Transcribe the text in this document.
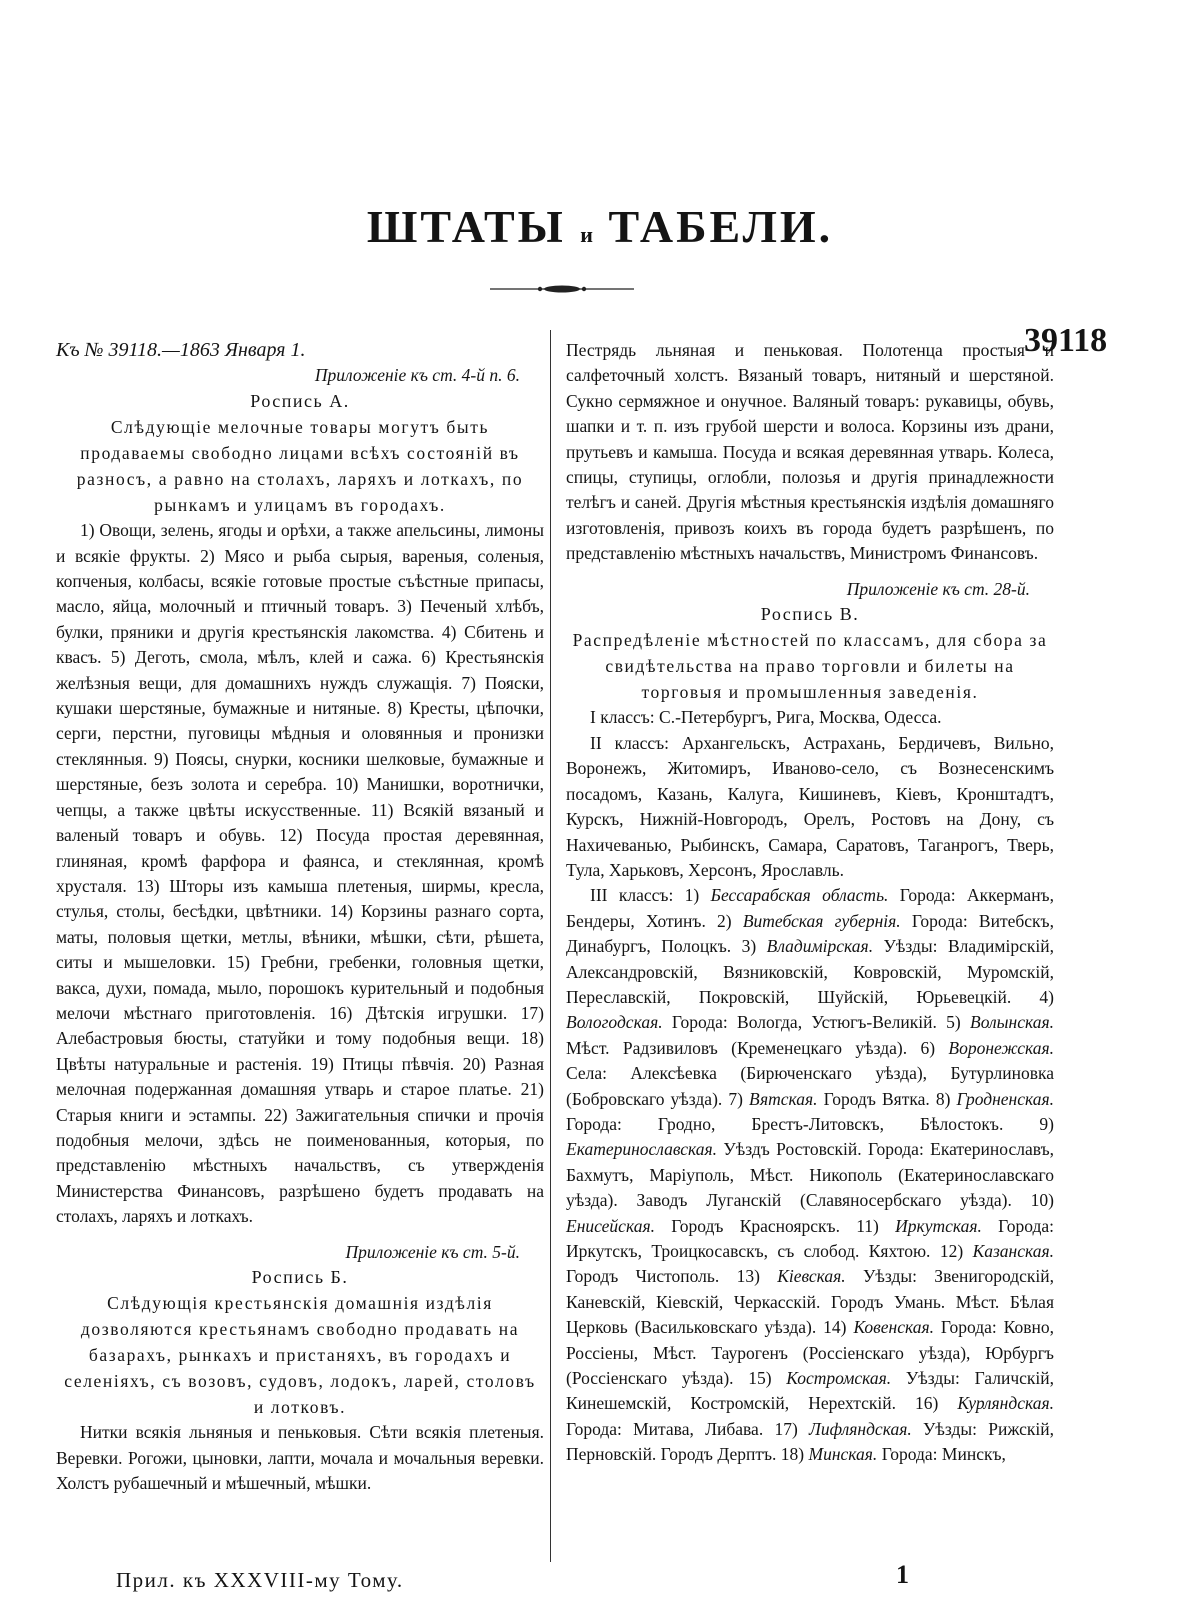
ШТАТЫ и ТАБЕЛИ.
39118

Къ № 39118.—1863 Января 1.

Приложеніе къ ст. 4-й п. 6.

Роспись А.

Слѣдующіе мелочные товары могутъ быть продаваемы свободно лицами всѣхъ состояній въ разносъ, а равно на столахъ, ларяхъ и лоткахъ, по рынкамъ и улицамъ въ городахъ.

1) Овощи, зелень, ягоды и орѣхи, а также апельсины, лимоны и всякіе фрукты. 2) Мясо и рыба сырыя, вареныя, соленыя, копченыя, колбасы, всякіе готовые простые съѣстные припасы, масло, яйца, молочный и птичный товаръ. 3) Печеный хлѣбъ, булки, пряники и другія крестьянскія лакомства. 4) Сбитень и квасъ. 5) Деготь, смола, мѣлъ, клей и сажа. 6) Крестьянскія желѣзныя вещи, для домашнихъ нуждъ служащія. 7) Пояски, кушаки шерстяные, бумажные и нитяные. 8) Кресты, цѣпочки, серги, перстни, пуговицы мѣдныя и оловянныя и пронизки стеклянныя. 9) Поясы, снурки, косники шелковые, бумажные и шерстяные, безъ золота и серебра. 10) Манишки, воротнички, чепцы, а также цвѣты искусственные. 11) Всякій вязаный и валеный товаръ и обувь. 12) Посуда простая деревянная, глиняная, кромѣ фарфора и фаянса, и стеклянная, кромѣ хрусталя. 13) Шторы изъ камыша плетеныя, ширмы, кресла, стулья, столы, бесѣдки, цвѣтники. 14) Корзины разнаго сорта, маты, половыя щетки, метлы, вѣники, мѣшки, сѣти, рѣшета, ситы и мышеловки. 15) Гребни, гребенки, головныя щетки, вакса, духи, помада, мыло, порошокъ курительный и подобныя мелочи мѣстнаго приготовленія. 16) Дѣтскія игрушки. 17) Алебастровыя бюсты, статуйки и тому подобныя вещи. 18) Цвѣты натуральные и растенія. 19) Птицы пѣвчія. 20) Разная мелочная подержанная домашняя утварь и старое платье. 21) Старыя книги и эстампы. 22) Зажигательныя спички и прочія подобныя мелочи, здѣсь не поименованныя, которыя, по представленію мѣстныхъ начальствъ, съ утвержденія Министерства Финансовъ, разрѣшено будетъ продавать на столахъ, ларяхъ и лоткахъ.

Приложеніе къ ст. 5-й.

Роспись Б.

Слѣдующія крестьянскія домашнія издѣлія дозволяются крестьянамъ свободно продавать на базарахъ, рынкахъ и пристаняхъ, въ городахъ и селеніяхъ, съ возовъ, судовъ, лодокъ, ларей, столовъ и лотковъ.

Нитки всякія льняныя и пеньковыя. Сѣти всякія плетеныя. Веревки. Рогожи, цыновки, лапти, мочала и мочальныя веревки. Холстъ рубашечный и мѣшечный, мѣшки.

Пестрядь льняная и пеньковая. Полотенца простыя и салфеточный холстъ. Вязаный товаръ, нитяный и шерстяной. Сукно сермяжное и онучное. Валяный товаръ: рукавицы, обувь, шапки и т. п. изъ грубой шерсти и волоса. Корзины изъ драни, прутьевъ и камыша. Посуда и всякая деревянная утварь. Колеса, спицы, ступицы, оглобли, полозья и другія принадлежности телѣгъ и саней. Другія мѣстныя крестьянскія издѣлія домашняго изготовленія, привозъ коихъ въ города будетъ разрѣшенъ, по представленію мѣстныхъ начальствъ, Министромъ Финансовъ.

Приложеніе къ ст. 28-й.

Роспись В.

Распредѣленіе мѣстностей по классамъ, для сбора за свидѣтельства на право торговли и билеты на торговыя и промышленныя заведенія.

I классъ: С.-Петербургъ, Рига, Москва, Одесса.

II классъ: Архангельскъ, Астрахань, Бердичевъ, Вильно, Воронежъ, Житомиръ, Иваново-село, съ Вознесенскимъ посадомъ, Казань, Калуга, Кишиневъ, Кіевъ, Кронштадтъ, Курскъ, Нижній-Новгородъ, Орелъ, Ростовъ на Дону, съ Нахичеванью, Рыбинскъ, Самара, Саратовъ, Таганрогъ, Тверь, Тула, Харьковъ, Херсонъ, Ярославль.

III классъ: 1) Бессарабская область. Города: Аккерманъ, Бендеры, Хотинъ. 2) Витебская губернія. Города: Витебскъ, Динабургъ, Полоцкъ. 3) Владимірская. Уѣзды: Владимірскій, Александровскій, Вязниковскій, Ковровскій, Муромскій, Переславскій, Покровскій, Шуйскій, Юрьевецкій. 4) Вологодская. Города: Вологда, Устюгъ-Великій. 5) Волынская. Мѣст. Радзивиловъ (Кременецкаго уѣзда). 6) Воронежская. Села: Алексѣевка (Бирюченскаго уѣзда), Бутурлиновка (Бобровскаго уѣзда). 7) Вятская. Городъ Вятка. 8) Гродненская. Города: Гродно, Брестъ-Литовскъ, Бѣлостокъ. 9) Екатеринославская. Уѣздъ Ростовскій. Города: Екатеринославъ, Бахмутъ, Маріуполь, Мѣст. Никополь (Екатеринославскаго уѣзда). Заводъ Луганскій (Славяносербскаго уѣзда). 10) Енисейская. Городъ Красноярскъ. 11) Иркутская. Города: Иркутскъ, Троицкосавскъ, съ слобод. Кяхтою. 12) Казанская. Городъ Чистополь. 13) Кіевская. Уѣзды: Звенигородскій, Каневскій, Кіевскій, Черкасскій. Городъ Умань. Мѣст. Бѣлая Церковь (Васильковскаго уѣзда). 14) Ковенская. Города: Ковно, Россіены, Мѣст. Таурогенъ (Россіенскаго уѣзда), Юрбургъ (Россіенскаго уѣзда). 15) Костромская. Уѣзды: Галичскій, Кинешемскій, Костромскій, Нерехтскій. 16) Курляндская. Города: Митава, Либава. 17) Лифляндская. Уѣзды: Рижскій, Перновскій. Городъ Дерптъ. 18) Минская. Города: Минскъ,

Прил. къ XXXVIII-му Тому.	1
